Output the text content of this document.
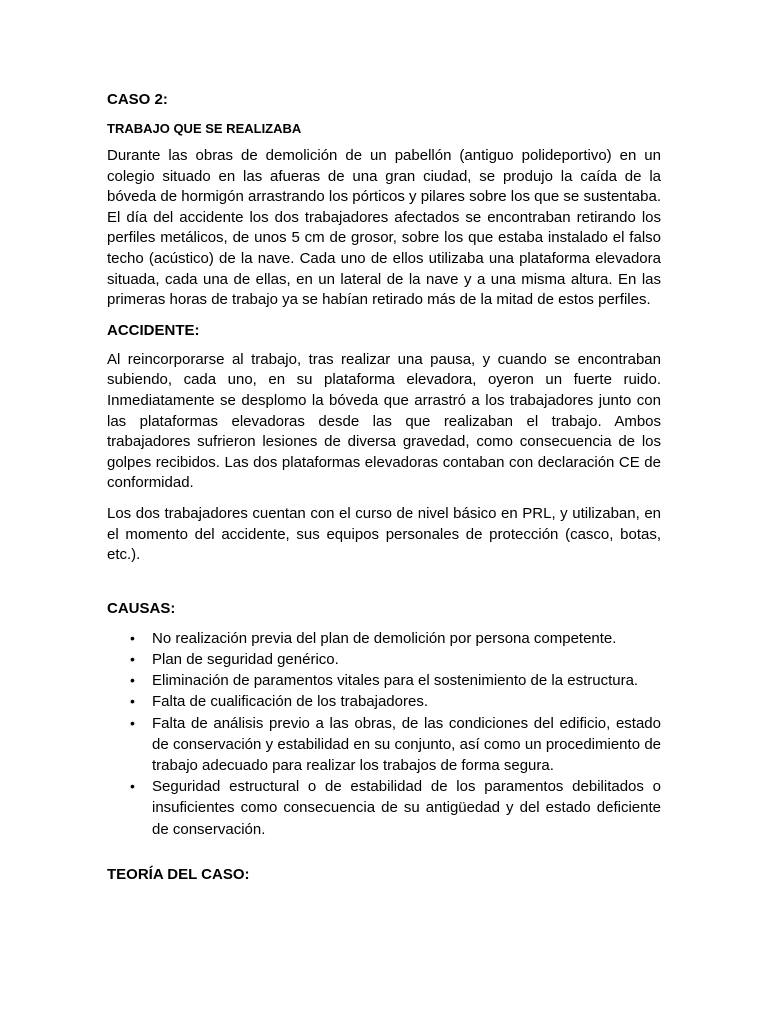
CASO 2:
TRABAJO QUE SE REALIZABA

Durante las obras de demolición de un pabellón (antiguo polideportivo) en un colegio situado en las afueras de una gran ciudad, se produjo la caída de la bóveda de hormigón arrastrando los pórticos y pilares sobre los que se sustentaba. El día del accidente los dos trabajadores afectados se encontraban retirando los perfiles metálicos, de unos 5 cm de grosor, sobre los que estaba instalado el falso techo (acústico) de la nave. Cada uno de ellos utilizaba una plataforma elevadora situada, cada una de ellas, en un lateral de la nave y a una misma altura. En las primeras horas de trabajo ya se habían retirado más de la mitad de estos perfiles.

ACCIDENTE:

Al reincorporarse al trabajo, tras realizar una pausa, y cuando se encontraban subiendo, cada uno, en su plataforma elevadora, oyeron un fuerte ruido. Inmediatamente se desplomo la bóveda que arrastró a los trabajadores junto con las plataformas elevadoras desde las que realizaban el trabajo. Ambos trabajadores sufrieron lesiones de diversa gravedad, como consecuencia de los golpes recibidos. Las dos plataformas elevadoras contaban con declaración CE de conformidad.

Los dos trabajadores cuentan con el curso de nivel básico en PRL, y utilizaban, en el momento del accidente, sus equipos personales de protección (casco, botas, etc.).

CAUSAS:
• No realización previa del plan de demolición por persona competente.
• Plan de seguridad genérico.
• Eliminación de paramentos vitales para el sostenimiento de la estructura.
• Falta de cualificación de los trabajadores.
• Falta de análisis previo a las obras, de las condiciones del edificio, estado de conservación y estabilidad en su conjunto, así como un procedimiento de trabajo adecuado para realizar los trabajos de forma segura.
• Seguridad estructural o de estabilidad de los paramentos debilitados o insuficientes como consecuencia de su antigüedad y del estado deficiente de conservación.
TEORÍA DEL CASO:
